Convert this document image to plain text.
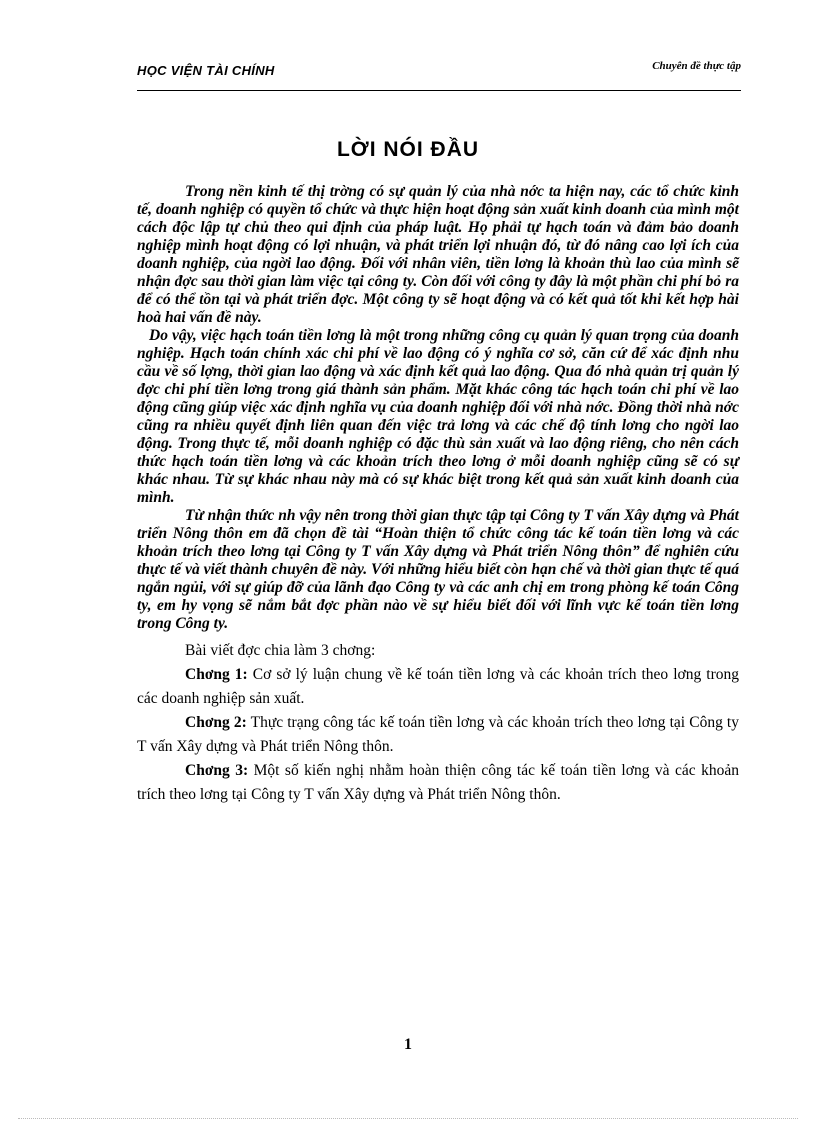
HỌC VIỆN TÀI CHÍNH	Chuyên đề thực tập
LỜI NÓI ĐẦU

Trong nền kinh tế thị trờng có sự quản lý của nhà nớc ta hiện nay, các tổ chức kinh tế, doanh nghiệp có quyền tổ chức và thực hiện hoạt động sản xuất kinh doanh của mình một cách độc lập tự chủ theo qui định của pháp luật. Họ phải tự hạch toán và đảm bảo doanh nghiệp mình hoạt động có lợi nhuận, và phát triển lợi nhuận đó, từ đó nâng cao lợi ích của doanh nghiệp, của ngời lao động. Đối với nhân viên, tiền lơng là khoản thù lao của mình sẽ nhận đợc sau thời gian làm việc tại công ty. Còn đối với công ty đây là một phần chi phí bỏ ra để có thể tồn tại và phát triển đợc. Một công ty sẽ hoạt động và có kết quả tốt khi kết hợp hài hoà hai vấn đề này.

Do vậy, việc hạch toán tiền lơng là một trong những công cụ quản lý quan trọng của doanh nghiệp. Hạch toán chính xác chi phí về lao động có ý nghĩa cơ sở, căn cứ để xác định nhu cầu về số lợng, thời gian lao động và xác định kết quả lao động. Qua đó nhà quản trị quản lý đợc chi phí tiền lơng trong giá thành sản phẩm. Mặt khác công tác hạch toán chi phí về lao động cũng giúp việc xác định nghĩa vụ của doanh nghiệp đối với nhà nớc. Đồng thời nhà nớc cũng ra nhiều quyết định liên quan đến việc trả lơng và các chế độ tính lơng cho ngời lao động. Trong thực tế, mỗi doanh nghiệp có đặc thù sản xuất và lao động riêng, cho nên cách thức hạch toán tiền lơng và các khoản trích theo lơng ở mỗi doanh nghiệp cũng sẽ có sự khác nhau. Từ sự khác nhau này mà có sự khác biệt trong kết quả sản xuất kinh doanh của mình.

Từ nhận thức nh vậy nên trong thời gian thực tập tại Công ty T vấn Xây dựng và Phát triển Nông thôn em đã chọn đề tài “Hoàn thiện tổ chức công tác kế toán tiền lơng và các khoản trích theo lơng tại Công ty T vấn Xây dựng và Phát triển Nông thôn” để nghiên cứu thực tế và viết thành chuyên đề này. Với những hiểu biết còn hạn chế và thời gian thực tế quá ngắn ngủi, với sự giúp đỡ của lãnh đạo Công ty và các anh chị em trong phòng kế toán Công ty, em hy vọng sẽ nắm bắt đợc phần nào về sự hiểu biết đối với lĩnh vực kế toán tiền lơng trong Công ty.

Bài viết đợc chia làm 3 chơng:

Chơng 1: Cơ sở lý luận chung về kế toán tiền lơng và các khoản trích theo lơng trong các doanh nghiệp sản xuất.

Chơng 2: Thực trạng công tác kế toán tiền lơng và các khoản trích theo lơng tại Công ty T vấn Xây dựng và Phát triển Nông thôn.

Chơng 3: Một số kiến nghị nhằm hoàn thiện công tác kế toán tiền lơng và các khoản trích theo lơng tại Công ty T vấn Xây dựng và Phát triển Nông thôn.

1
